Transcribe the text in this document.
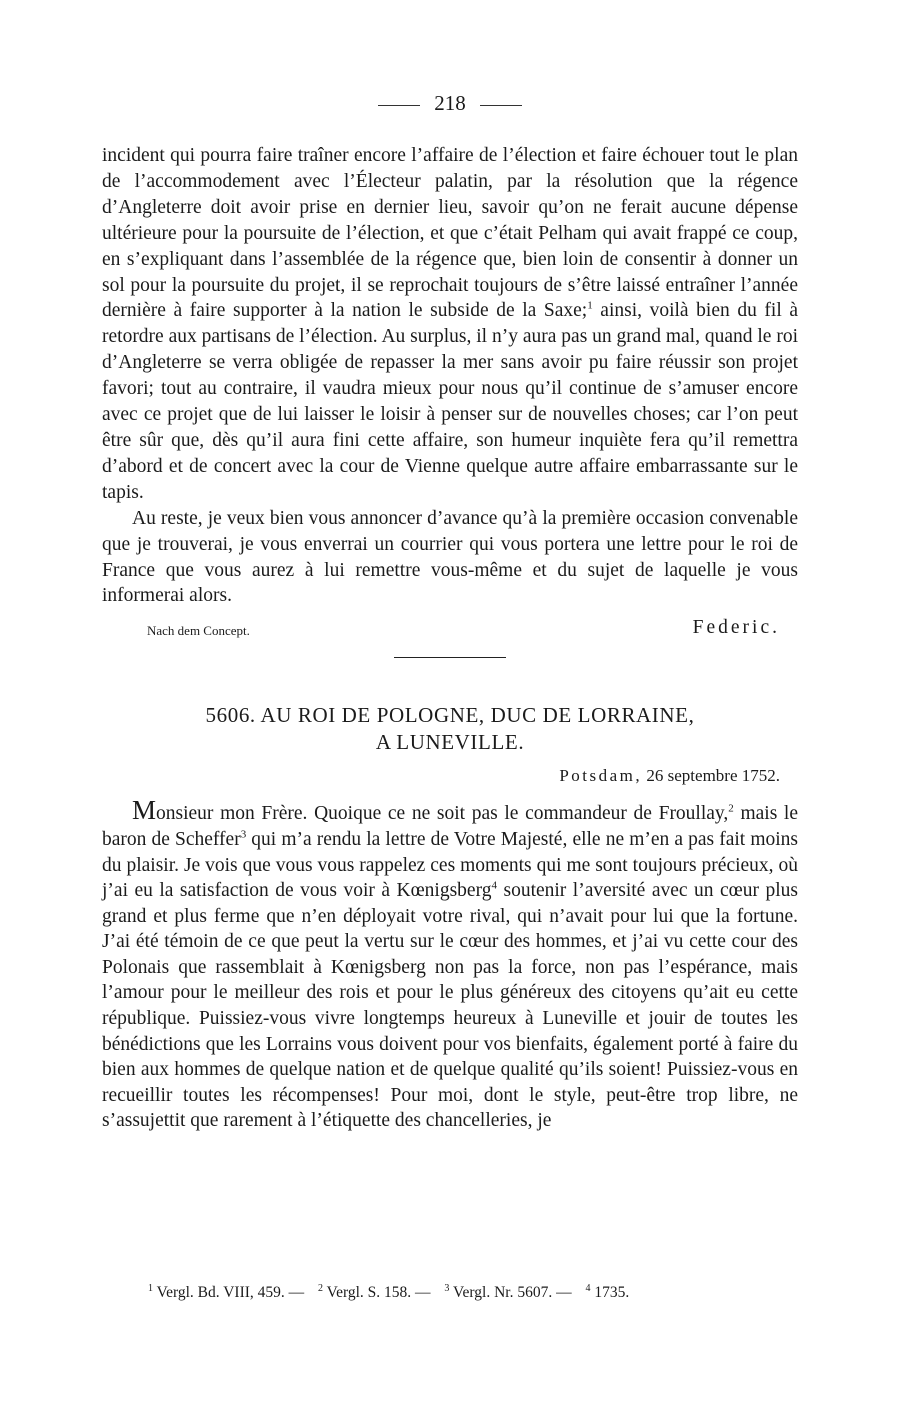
218

incident qui pourra faire traîner encore l’affaire de l’élection et faire échouer tout le plan de l’accommodement avec l’Électeur palatin, par la résolution que la régence d’Angleterre doit avoir prise en dernier lieu, savoir qu’on ne ferait aucune dépense ultérieure pour la poursuite de l’élection, et que c’était Pelham qui avait frappé ce coup, en s’expliquant dans l’assemblée de la régence que, bien loin de consentir à donner un sol pour la poursuite du projet, il se reprochait toujours de s’être laissé entraîner l’année dernière à faire supporter à la nation le subside de la Saxe;$^1$ ainsi, voilà bien du fil à retordre aux partisans de l’élection. Au surplus, il n’y aura pas un grand mal, quand le roi d’Angleterre se verra obligée de repasser la mer sans avoir pu faire réussir son projet favori; tout au contraire, il vaudra mieux pour nous qu’il continue de s’amuser encore avec ce projet que de lui laisser le loisir à penser sur de nouvelles choses; car l’on peut être sûr que, dès qu’il aura fini cette affaire, son humeur inquiète fera qu’il remettra d’abord et de concert avec la cour de Vienne quelque autre affaire embarrassante sur le tapis.

Au reste, je veux bien vous annoncer d’avance qu’à la première occasion convenable que je trouverai, je vous enverrai un courrier qui vous portera une lettre pour le roi de France que vous aurez à lui remettre vous-même et du sujet de laquelle je vous informerai alors.

Nach dem Concept.	Federic.
5606. AU ROI DE POLOGNE, DUC DE LORRAINE,
A LUNEVILLE.
Potsdam, 26 septembre 1752.

Monsieur mon Frère. Quoique ce ne soit pas le commandeur de Froullay,$^2$ mais le baron de Scheffer$^3$ qui m’a rendu la lettre de Votre Majesté, elle ne m’en a pas fait moins du plaisir. Je vois que vous vous rappelez ces moments qui me sont toujours précieux, où j’ai eu la satisfaction de vous voir à Kœnigsberg$^4$ soutenir l’aversité avec un cœur plus grand et plus ferme que n’en déployait votre rival, qui n’avait pour lui que la fortune. J’ai été témoin de ce que peut la vertu sur le cœur des hommes, et j’ai vu cette cour des Polonais que rassemblait à Kœnigsberg non pas la force, non pas l’espérance, mais l’amour pour le meilleur des rois et pour le plus généreux des citoyens qu’ait eu cette république. Puissiez-vous vivre longtemps heureux à Luneville et jouir de toutes les bénédictions que les Lorrains vous doivent pour vos bienfaits, également porté à faire du bien aux hommes de quelque nation et de quelque qualité qu’ils soient! Puissiez-vous en recueillir toutes les récompenses! Pour moi, dont le style, peut-être trop libre, ne s’assujettit que rarement à l’étiquette des chancelleries, je

$^1$ Vergl. Bd. VIII, 459. — $^2$ Vergl. S. 158. — $^3$ Vergl. Nr. 5607. — $^4$ 1735.
